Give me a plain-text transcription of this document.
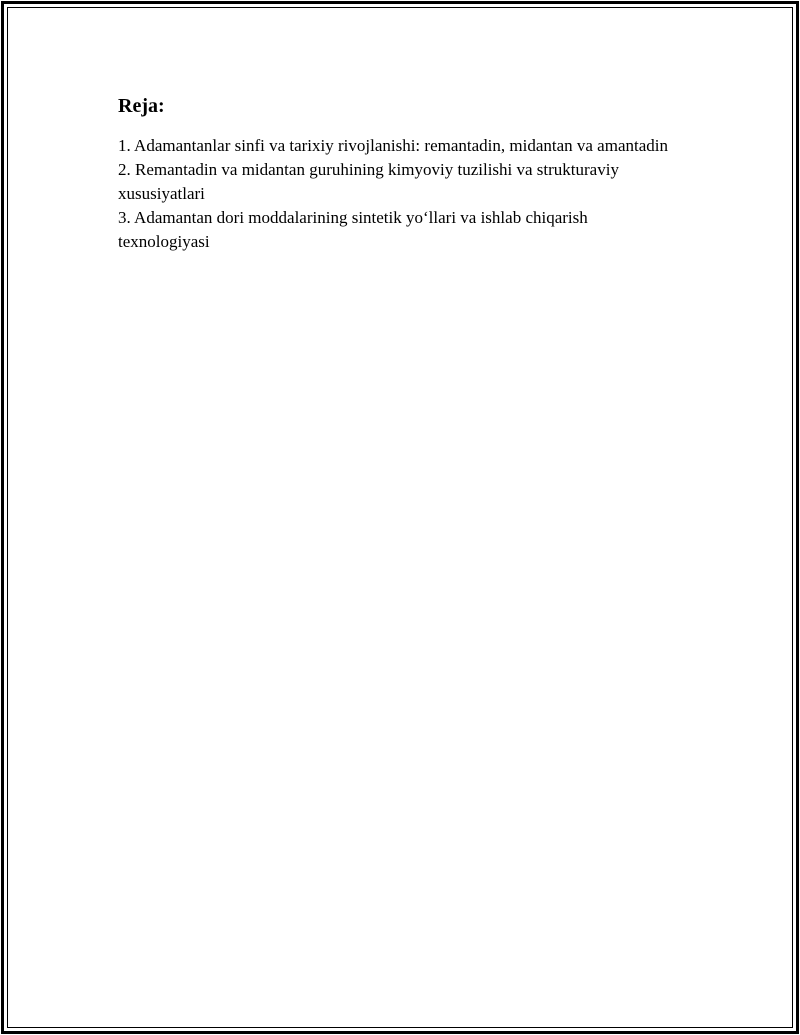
Reja:
1. Adamantanlar sinfi va tarixiy rivojlanishi: remantadin, midantan va amantadin
2. Remantadin va midantan guruhining kimyoviy tuzilishi va strukturaviy xususiyatlari
3. Adamantan dori moddalarining sintetik yo‘llari va ishlab chiqarish texnologiyasi
